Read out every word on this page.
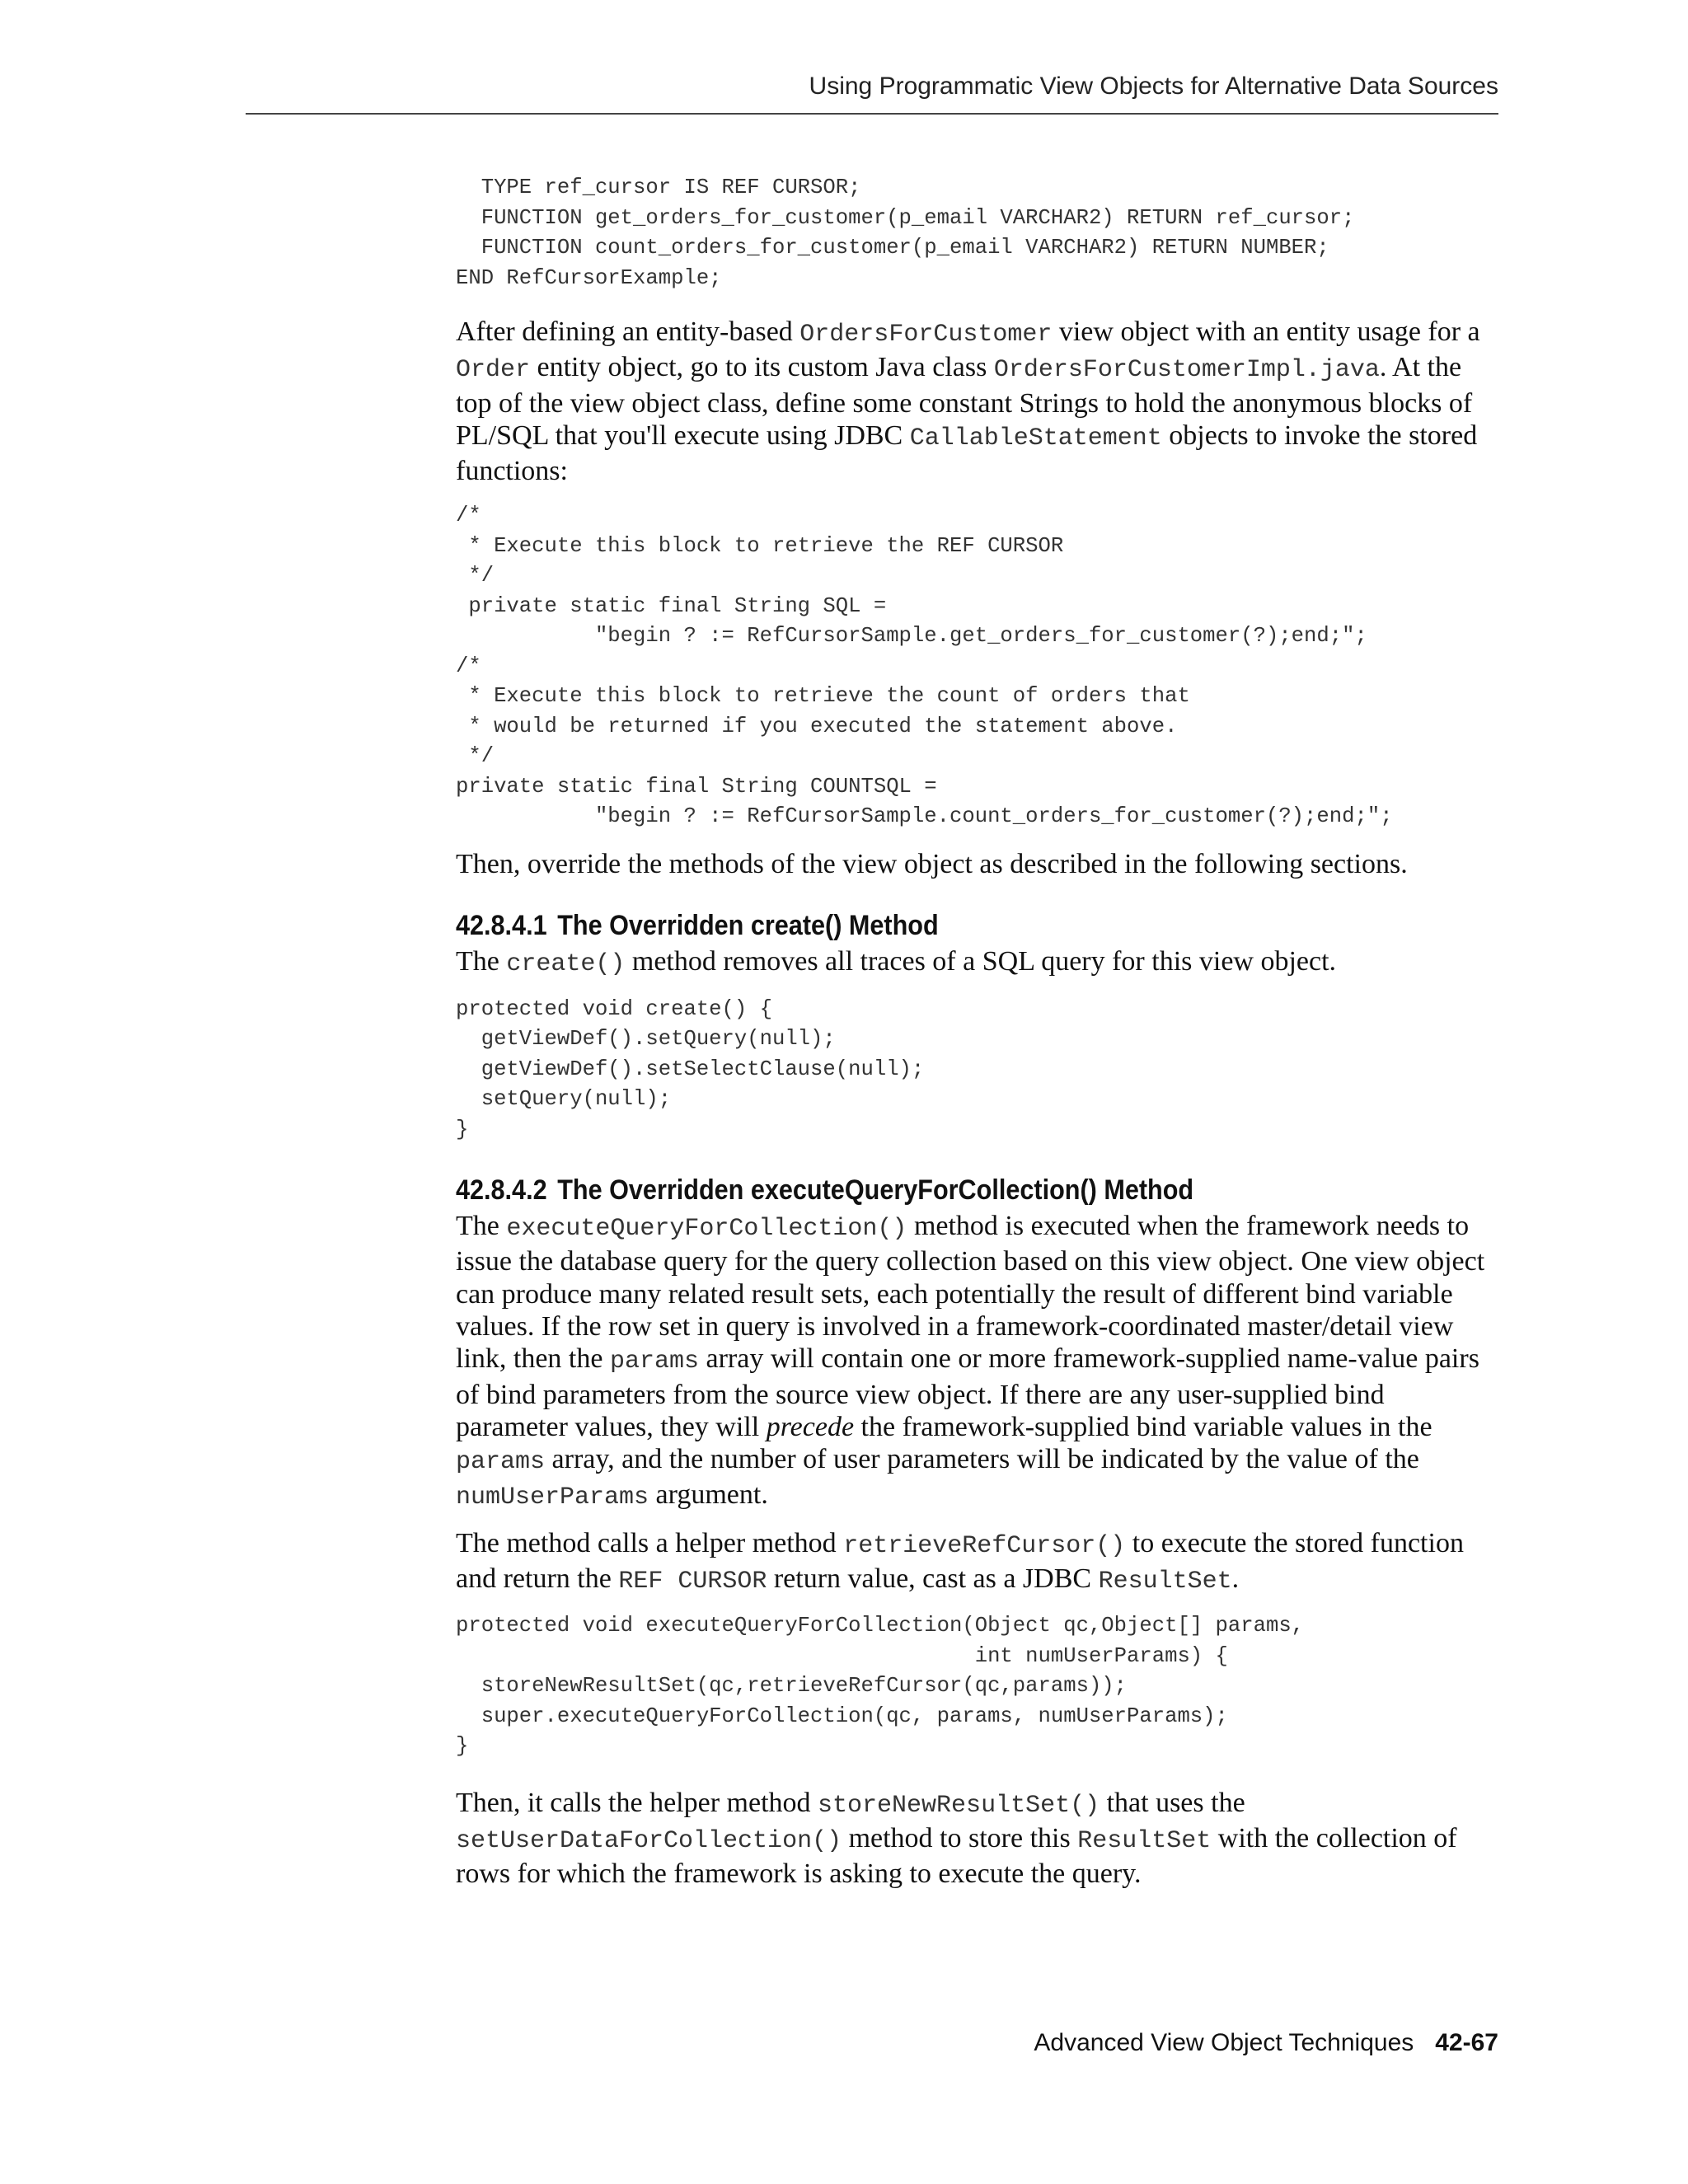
Using Programmatic View Objects for Alternative Data Sources
TYPE ref_cursor IS REF CURSOR;
FUNCTION get_orders_for_customer(p_email VARCHAR2) RETURN ref_cursor;
FUNCTION count_orders_for_customer(p_email VARCHAR2) RETURN NUMBER;
END RefCursorExample;

After defining an entity-based OrdersForCustomer view object with an entity usage for a Order entity object, go to its custom Java class OrdersForCustomerImpl.java. At the top of the view object class, define some constant Strings to hold the anonymous blocks of PL/SQL that you'll execute using JDBC CallableStatement objects to invoke the stored functions:

/*
* Execute this block to retrieve the REF CURSOR
*/
private static final String SQL =
"begin ? := RefCursorSample.get_orders_for_customer(?);end;";
/*
* Execute this block to retrieve the count of orders that
* would be returned if you executed the statement above.
*/
private static final String COUNTSQL =
"begin ? := RefCursorSample.count_orders_for_customer(?);end;";

Then, override the methods of the view object as described in the following sections.

42.8.4.1 The Overridden create() Method

The create() method removes all traces of a SQL query for this view object.

protected void create() {
getViewDef().setQuery(null);
getViewDef().setSelectClause(null);
setQuery(null);
}
42.8.4.2 The Overridden executeQueryForCollection() Method

The executeQueryForCollection() method is executed when the framework needs to issue the database query for the query collection based on this view object. One view object can produce many related result sets, each potentially the result of different bind variable values. If the row set in query is involved in a framework-coordinated master/detail view link, then the params array will contain one or more framework-supplied name-value pairs of bind parameters from the source view object. If there are any user-supplied bind parameter values, they will precede the framework-supplied bind variable values in the params array, and the number of user parameters will be indicated by the value of the numUserParams argument.

The method calls a helper method retrieveRefCursor() to execute the stored function and return the REF CURSOR return value, cast as a JDBC ResultSet.

protected void executeQueryForCollection(Object qc,Object[] params,
int numUserParams) {
storeNewResultSet(qc,retrieveRefCursor(qc,params));
super.executeQueryForCollection(qc, params, numUserParams);
}

Then, it calls the helper method storeNewResultSet() that uses the setUserDataForCollection() method to store this ResultSet with the collection of rows for which the framework is asking to execute the query.

Advanced View Object Techniques 42-67
